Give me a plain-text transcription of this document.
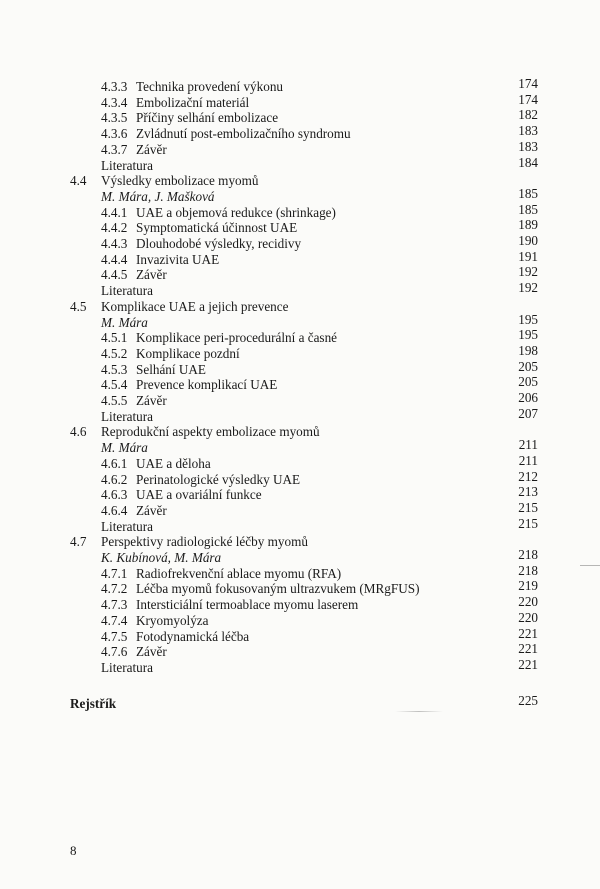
4.3.3 Technika provedení výkonu	174
4.3.4 Embolizační materiál	174
4.3.5 Příčiny selhání embolizace	182
4.3.6 Zvládnutí post-embolizačního syndromu	183
4.3.7 Závěr	183
Literatura	184
4.4 Výsledky embolizace myomů
M. Mára, J. Mašková	185
4.4.1 UAE a objemová redukce (shrinkage)	185
4.4.2 Symptomatická účinnost UAE	189
4.4.3 Dlouhodobé výsledky, recidivy	190
4.4.4 Invazivita UAE	191
4.4.5 Závěr	192
Literatura	192
4.5 Komplikace UAE a jejich prevence
M. Mára	195
4.5.1 Komplikace peri-procedurální a časné	195
4.5.2 Komplikace pozdní	198
4.5.3 Selhání UAE	205
4.5.4 Prevence komplikací UAE	205
4.5.5 Závěr	206
Literatura	207
4.6 Reprodukční aspekty embolizace myomů
M. Mára	211
4.6.1 UAE a děloha	211
4.6.2 Perinatologické výsledky UAE	212
4.6.3 UAE a ovariální funkce	213
4.6.4 Závěr	215
Literatura	215
4.7 Perspektivy radiologické léčby myomů
K. Kubínová, M. Mára	218
4.7.1 Radiofrekvenční ablace myomu (RFA)	218
4.7.2 Léčba myomů fokusovaným ultrazvukem (MRgFUS)	219
4.7.3 Intersticiální termoablace myomu laserem	220
4.7.4 Kryomyolýza	220
4.7.5 Fotodynamická léčba	221
4.7.6 Závěr	221
Literatura	221
Rejstřík	225
8
